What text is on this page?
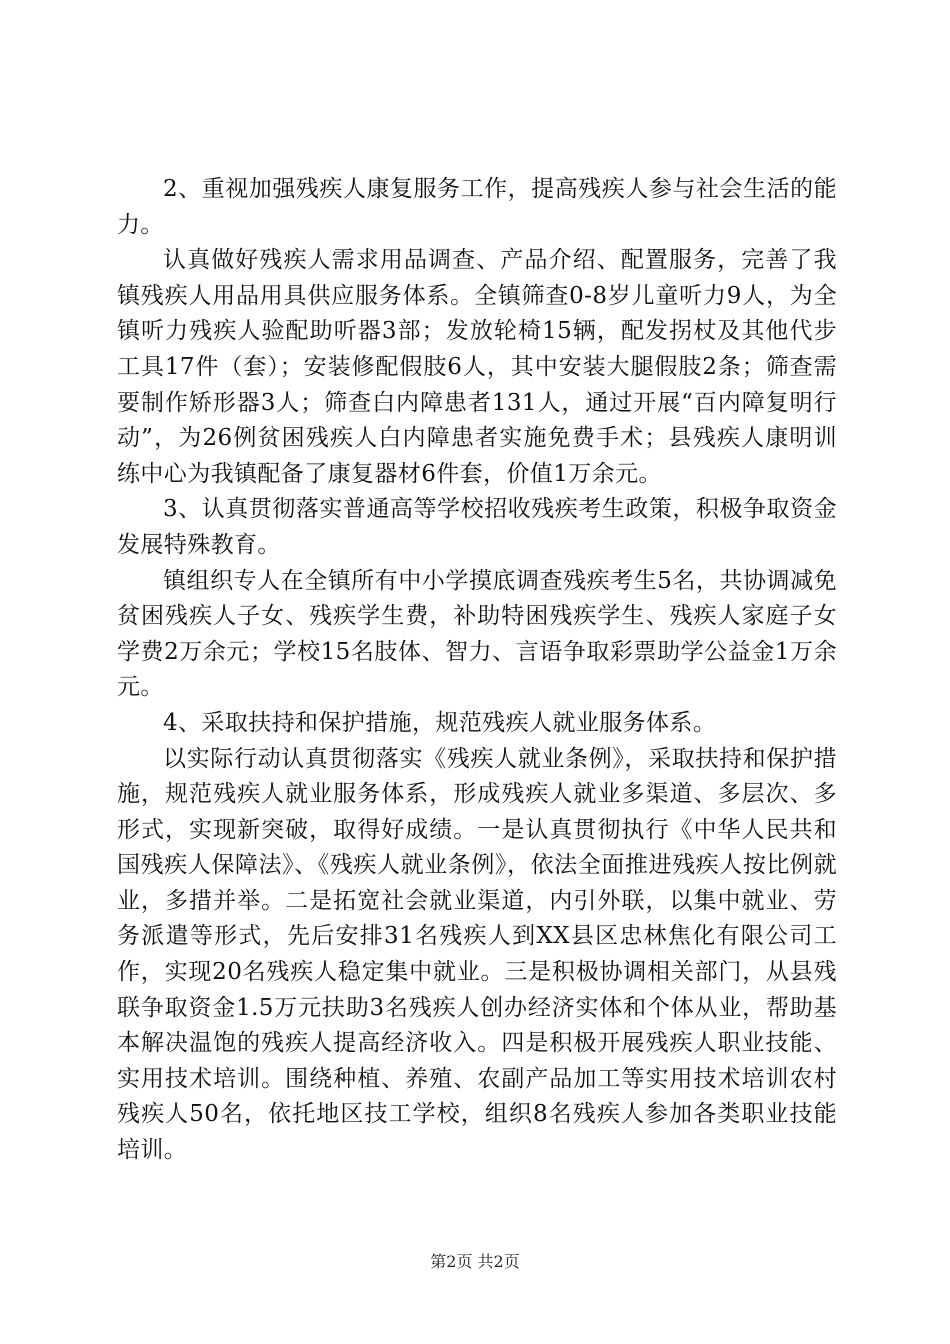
2、重视加强残疾人康复服务工作，提高残疾人参与社会生活的能力。

认真做好残疾人需求用品调查、产品介绍、配置服务，完善了我镇残疾人用品用具供应服务体系。全镇筛查0-8岁儿童听力9人，为全镇听力残疾人验配助听器3部；发放轮椅15辆，配发拐杖及其他代步工具17件（套）；安装修配假肢6人，其中安装大腿假肢2条；筛查需要制作矫形器3人；筛查白内障患者131人，通过开展“百内障复明行动”，为26例贫困残疾人白内障患者实施免费手术；县残疾人康明训练中心为我镇配备了康复器材6件套，价值1万余元。

3、认真贯彻落实普通高等学校招收残疾考生政策，积极争取资金发展特殊教育。

镇组织专人在全镇所有中小学摸底调查残疾考生5名，共协调减免贫困残疾人子女、残疾学生费，补助特困残疾学生、残疾人家庭子女学费2万余元；学校15名肢体、智力、言语争取彩票助学公益金1万余元。

4、采取扶持和保护措施，规范残疾人就业服务体系。

以实际行动认真贯彻落实《残疾人就业条例》，采取扶持和保护措施，规范残疾人就业服务体系，形成残疾人就业多渠道、多层次、多形式，实现新突破，取得好成绩。一是认真贯彻执行《中华人民共和国残疾人保障法》、《残疾人就业条例》，依法全面推进残疾人按比例就业，多措并举。二是拓宽社会就业渠道，内引外联，以集中就业、劳务派遣等形式，先后安排31名残疾人到XX县区忠林焦化有限公司工作，实现20名残疾人稳定集中就业。三是积极协调相关部门，从县残联争取资金1.5万元扶助3名残疾人创办经济实体和个体从业，帮助基本解决温饱的残疾人提高经济收入。四是积极开展残疾人职业技能、实用技术培训。围绕种植、养殖、农副产品加工等实用技术培训农村残疾人50名，依托地区技工学校，组织8名残疾人参加各类职业技能培训。

第2页 共2页
